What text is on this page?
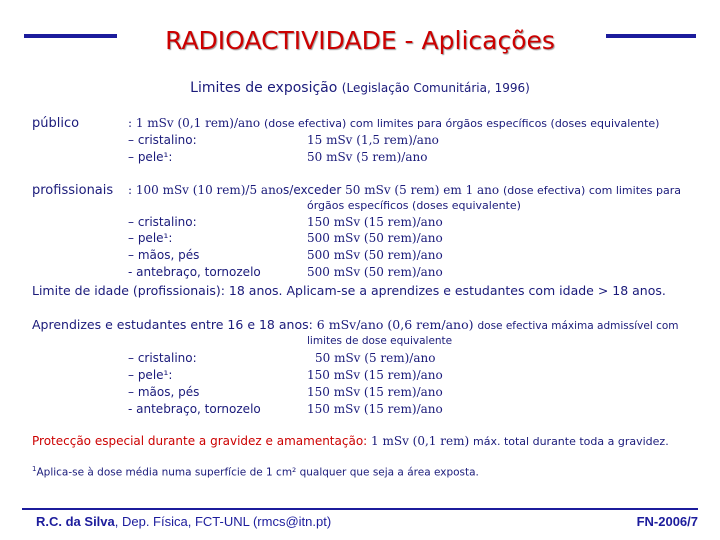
RADIOACTIVIDADE - Aplicações
Limites de exposição (Legislação Comunitária, 1996)
público	: 1 mSv (0,1 rem)/ano (dose efectiva) com limites para órgãos específicos (doses equivalente)
– cristalino:	15 mSv (1,5 rem)/ano
– pele¹:	50 mSv (5 rem)/ano
profissionais : 100 mSv (10 rem)/5 anos/exceder 50 mSv (5 rem) em 1 ano (dose efectiva) com limites para
órgãos específicos (doses equivalente)
– cristalino:	150 mSv (15 rem)/ano
– pele¹:	500 mSv (50 rem)/ano
– mãos, pés	500 mSv (50 rem)/ano
- antebraço, tornozelo	500 mSv (50 rem)/ano
Limite de idade (profissionais): 18 anos. Aplicam-se a aprendizes e estudantes com idade > 18 anos.
Aprendizes e estudantes entre 16 e 18 anos: 6 mSv/ano (0,6 rem/ano) dose efectiva máxima admissível com
limites de dose equivalente
– cristalino:	50 mSv (5 rem)/ano
– pele¹:	150 mSv (15 rem)/ano
– mãos, pés	150 mSv (15 rem)/ano
- antebraço, tornozelo	150 mSv (15 rem)/ano
Protecção especial durante a gravidez e amamentação: 1 mSv (0,1 rem) máx. total durante toda a gravidez.
$^1$Aplica-se à dose média numa superfície de 1 cm² qualquer que seja a área exposta.
R.C. da Silva, Dep. Física, FCT-UNL (rmcs@itn.pt)	FN-2006/7
